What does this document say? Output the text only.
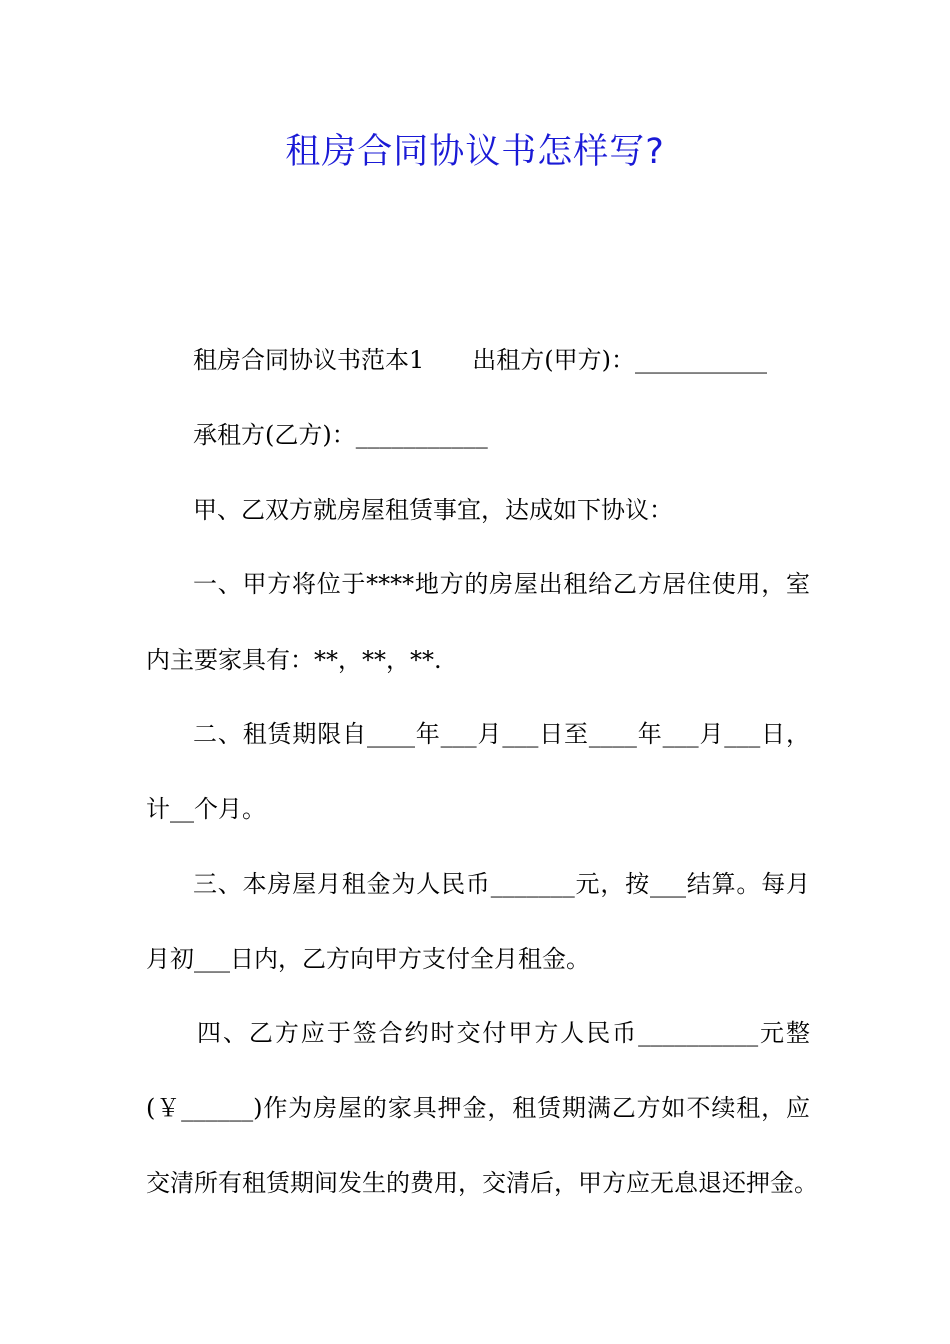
租房合同协议书怎样写?
租房合同协议书范本1 出租方(甲方)：___________
承租方(乙方)：___________
甲、乙双方就房屋租赁事宜，达成如下协议：
一、甲方将位于****地方的房屋出租给乙方居住使用，室
内主要家具有：**，**，**.
二、租赁期限自____年___月___日至____年___月___日，
计__个月。
三、本房屋月租金为人民币_______元，按___结算。每月
月初___日内，乙方向甲方支付全月租金。
四、乙方应于签合约时交付甲方人民币__________元整
(￥______)作为房屋的家具押金，租赁期满乙方如不续租，应
交清所有租赁期间发生的费用，交清后，甲方应无息退还押金。
